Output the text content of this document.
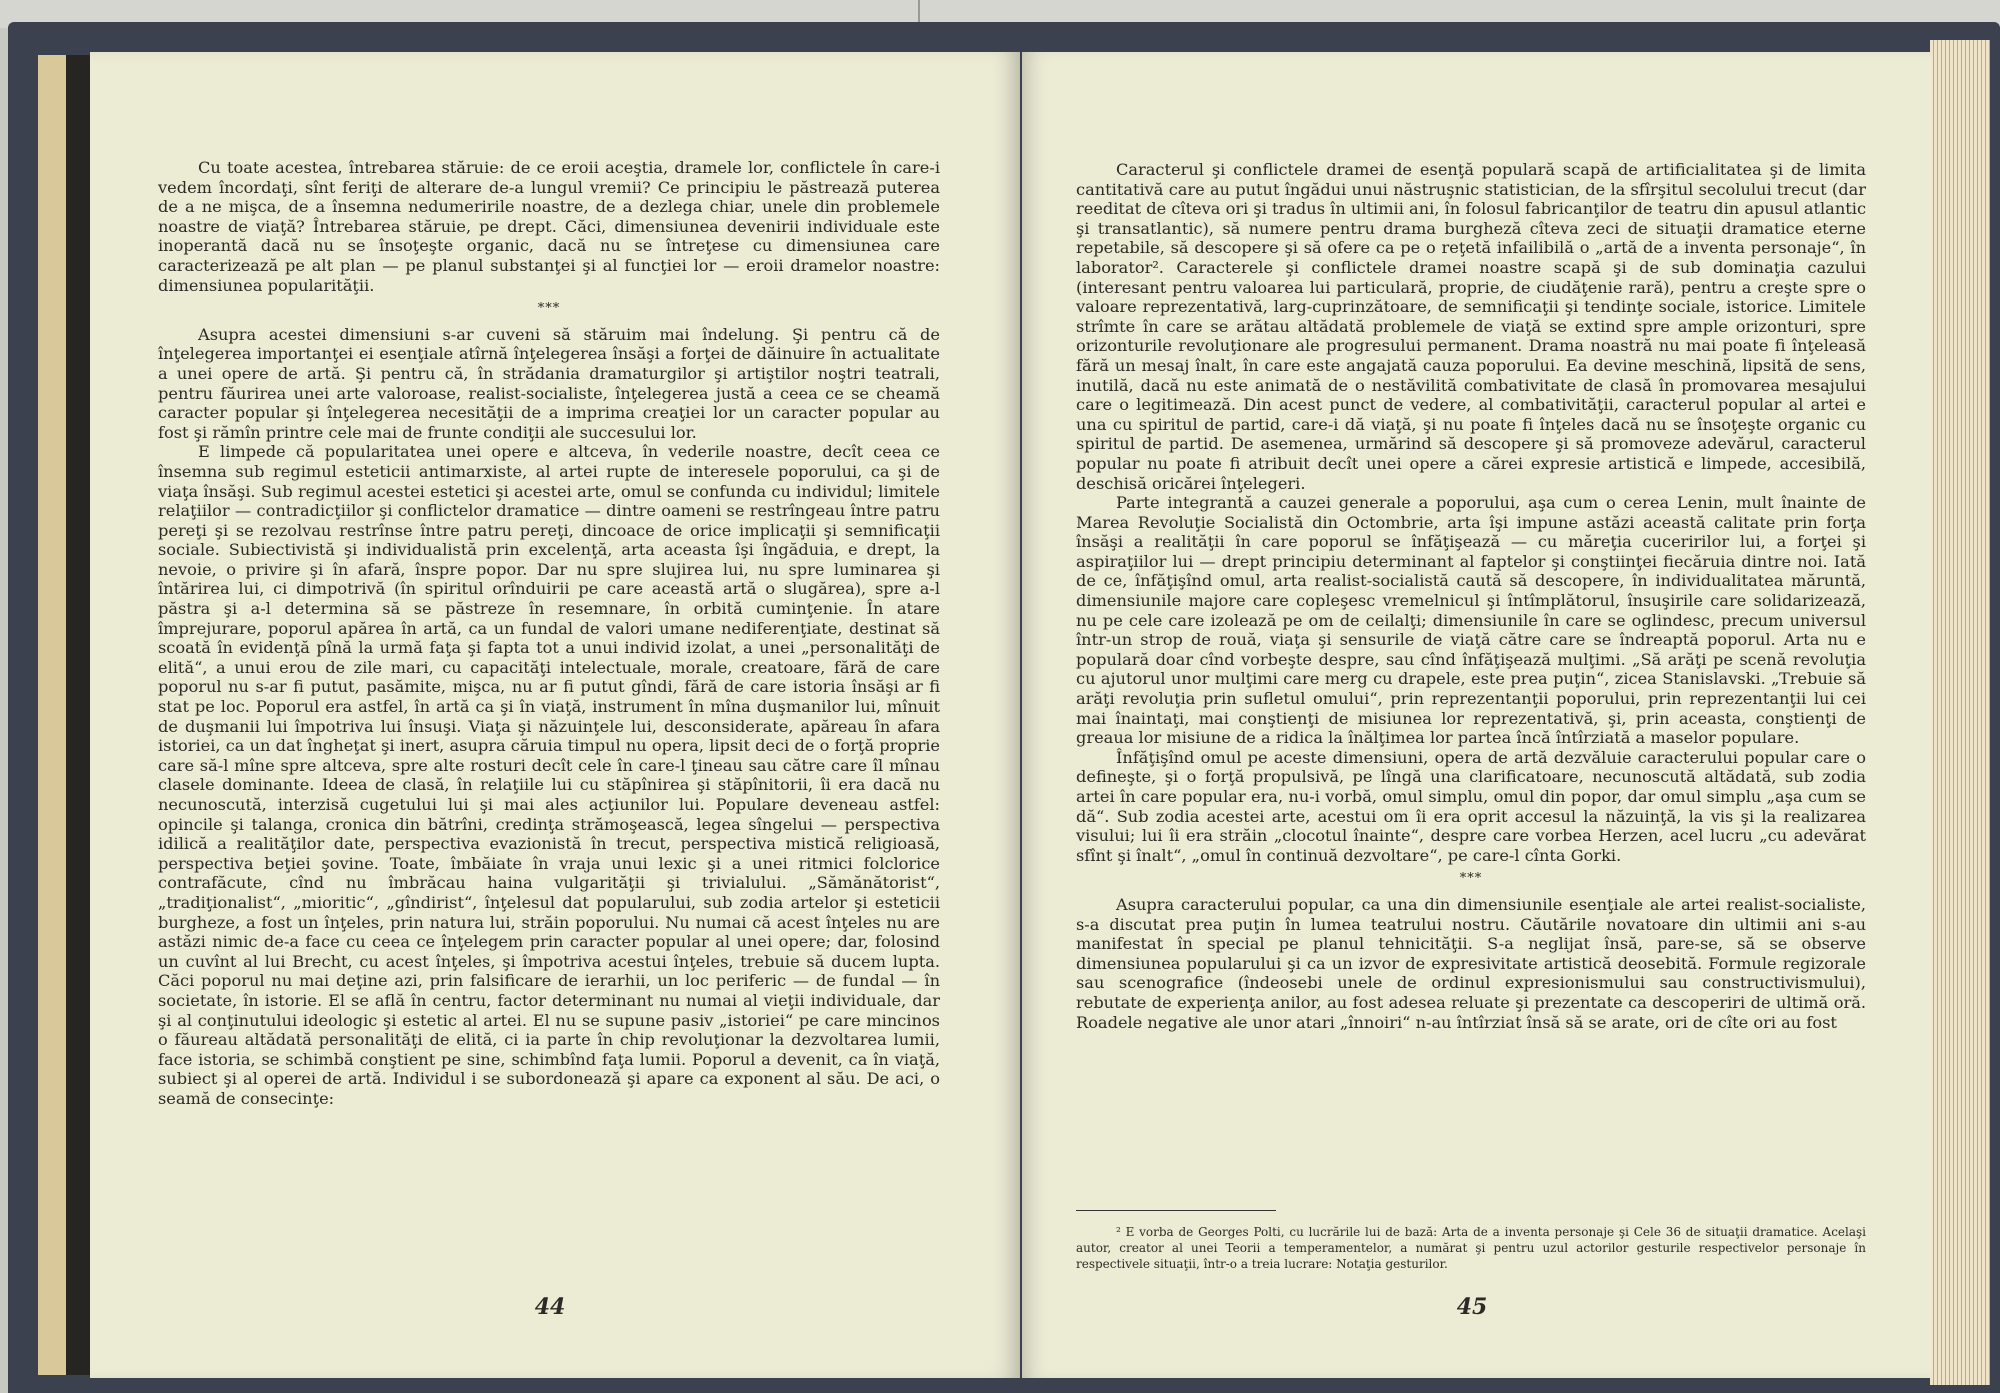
Cu toate acestea, întrebarea stăruie: de ce eroii aceştia, dramele lor, conflictele în care-i vedem încordaţi, sînt feriţi de alterare de-a lungul vremii? Ce principiu le păstrează puterea de a ne mişca, de a însemna nedumeririle noastre, de a dezlega chiar, unele din problemele noastre de viaţă? Întrebarea stăruie, pe drept. Căci, dimensiunea devenirii individuale este inoperantă dacă nu se însoţeşte organic, dacă nu se întreţese cu dimensiunea care caracterizează pe alt plan — pe planul substanţei şi al funcţiei lor — eroii dramelor noastre: dimensiunea popularităţii.

***

Asupra acestei dimensiuni s-ar cuveni să stăruim mai îndelung. Şi pentru că de înţelegerea importanţei ei esenţiale atîrnă înţelegerea însăşi a forţei de dăinuire în actualitate a unei opere de artă. Şi pentru că, în strădania dramaturgilor şi artiştilor noştri teatrali, pentru făurirea unei arte valoroase, realist-socialiste, înţelegerea justă a ceea ce se cheamă caracter popular şi înţelegerea necesităţii de a imprima creaţiei lor un caracter popular au fost şi rămîn printre cele mai de frunte condiţii ale succesului lor.

E limpede că popularitatea unei opere e altceva, în vederile noastre, decît ceea ce însemna sub regimul esteticii antimarxiste, al artei rupte de interesele poporului, ca şi de viaţa însăşi. Sub regimul acestei estetici şi acestei arte, omul se confunda cu individul; limitele relaţiilor — contradicţiilor şi conflictelor dramatice — dintre oameni se restrîngeau între patru pereţi şi se rezolvau restrînse între patru pereţi, dincoace de orice implicaţii şi semnificaţii sociale. Subiectivistă şi individualistă prin excelenţă, arta aceasta îşi îngăduia, e drept, la nevoie, o privire şi în afară, înspre popor. Dar nu spre slujirea lui, nu spre luminarea şi întărirea lui, ci dimpotrivă (în spiritul orînduirii pe care această artă o slugărea), spre a-l păstra şi a-l determina să se păstreze în resemnare, în orbită cuminţenie. În atare împrejurare, poporul apărea în artă, ca un fundal de valori umane nediferenţiate, destinat să scoată în evidenţă pînă la urmă faţa şi fapta tot a unui individ izolat, a unei „personalităţi de elită“, a unui erou de zile mari, cu capacităţi intelectuale, morale, creatoare, fără de care poporul nu s-ar fi putut, pasămite, mişca, nu ar fi putut gîndi, fără de care istoria însăşi ar fi stat pe loc. Poporul era astfel, în artă ca şi în viaţă, instrument în mîna duşmanilor lui, mînuit de duşmanii lui împotriva lui însuşi. Viaţa şi năzuinţele lui, desconsiderate, apăreau în afara istoriei, ca un dat îngheţat şi inert, asupra căruia timpul nu opera, lipsit deci de o forţă proprie care să-l mîne spre altceva, spre alte rosturi decît cele în care-l ţineau sau către care îl mînau clasele dominante. Ideea de clasă, în relaţiile lui cu stăpînirea şi stăpînitorii, îi era dacă nu necunoscută, interzisă cugetului lui şi mai ales acţiunilor lui. Populare deveneau astfel: opincile şi talanga, cronica din bătrîni, credinţa strămoşească, legea sîngelui — perspectiva idilică a realităţilor date, perspectiva evazionistă în trecut, perspectiva mistică religioasă, perspectiva beţiei şovine. Toate, îmbăiate în vraja unui lexic şi a unei ritmici folclorice contrafăcute, cînd nu îmbrăcau haina vulgarităţii şi trivialului. „Sămănătorist“, „tradiţionalist“, „mioritic“, „gîndirist“, înţelesul dat popularului, sub zodia artelor şi esteticii burgheze, a fost un înţeles, prin natura lui, străin poporului. Nu numai că acest înţeles nu are astăzi nimic de-a face cu ceea ce înţelegem prin caracter popular al unei opere; dar, folosind un cuvînt al lui Brecht, cu acest înţeles, şi împotriva acestui înţeles, trebuie să ducem lupta. Căci poporul nu mai deţine azi, prin falsificare de ierarhii, un loc periferic — de fundal — în societate, în istorie. El se află în centru, factor determinant nu numai al vieţii individuale, dar şi al conţinutului ideologic şi estetic al artei. El nu se supune pasiv „istoriei“ pe care mincinos o făureau altădată personalităţi de elită, ci ia parte în chip revoluţionar la dezvoltarea lumii, face istoria, se schimbă conştient pe sine, schimbînd faţa lumii. Poporul a devenit, ca în viaţă, subiect şi al operei de artă. Individul i se subordonează şi apare ca exponent al său. De aci, o seamă de consecinţe:

44

Caracterul şi conflictele dramei de esenţă populară scapă de artificialitatea şi de limita cantitativă care au putut îngădui unui năstruşnic statistician, de la sfîrşitul secolului trecut (dar reeditat de cîteva ori şi tradus în ultimii ani, în folosul fabricanţilor de teatru din apusul atlantic şi transatlantic), să numere pentru drama burgheză cîteva zeci de situaţii dramatice eterne repetabile, să descopere şi să ofere ca pe o reţetă infailibilă o „artă de a inventa personaje“, în laborator². Caracterele şi conflictele dramei noastre scapă şi de sub dominaţia cazului (interesant pentru valoarea lui particulară, proprie, de ciudăţenie rară), pentru a creşte spre o valoare reprezentativă, larg-cuprinzătoare, de semnificaţii şi tendinţe sociale, istorice. Limitele strîmte în care se arătau altădată problemele de viaţă se extind spre ample orizonturi, spre orizonturile revoluţionare ale progresului permanent. Drama noastră nu mai poate fi înţeleasă fără un mesaj înalt, în care este angajată cauza poporului. Ea devine meschină, lipsită de sens, inutilă, dacă nu este animată de o nestăvilită combativitate de clasă în promovarea mesajului care o legitimează. Din acest punct de vedere, al combativităţii, caracterul popular al artei e una cu spiritul de partid, care-i dă viaţă, şi nu poate fi înţeles dacă nu se însoţeşte organic cu spiritul de partid. De asemenea, urmărind să descopere şi să promoveze adevărul, caracterul popular nu poate fi atribuit decît unei opere a cărei expresie artistică e limpede, accesibilă, deschisă oricărei înţelegeri.

Parte integrantă a cauzei generale a poporului, aşa cum o cerea Lenin, mult înainte de Marea Revoluţie Socialistă din Octombrie, arta îşi impune astăzi această calitate prin forţa însăşi a realităţii în care poporul se înfăţişează — cu măreţia cuceririlor lui, a forţei şi aspiraţiilor lui — drept principiu determinant al faptelor şi conştiinţei fiecăruia dintre noi. Iată de ce, înfăţişînd omul, arta realist-socialistă caută să descopere, în individualitatea măruntă, dimensiunile majore care copleşesc vremelnicul şi întîmplătorul, însuşirile care solidarizează, nu pe cele care izolează pe om de ceilalţi; dimensiunile în care se oglindesc, precum universul într-un strop de rouă, viaţa şi sensurile de viaţă către care se îndreaptă poporul. Arta nu e populară doar cînd vorbeşte despre, sau cînd înfăţişează mulţimi. „Să arăţi pe scenă revoluţia cu ajutorul unor mulţimi care merg cu drapele, este prea puţin“, zicea Stanislavski. „Trebuie să arăţi revoluţia prin sufletul omului“, prin reprezentanţii poporului, prin reprezentanţii lui cei mai înaintaţi, mai conştienţi de misiunea lor reprezentativă, şi, prin aceasta, conştienţi de greaua lor misiune de a ridica la înălţimea lor partea încă întîrziată a maselor populare.

Înfăţişînd omul pe aceste dimensiuni, opera de artă dezvăluie caracterului popular care o defineşte, şi o forţă propulsivă, pe lîngă una clarificatoare, necunoscută altădată, sub zodia artei în care popular era, nu-i vorbă, omul simplu, omul din popor, dar omul simplu „aşa cum se dă“. Sub zodia acestei arte, acestui om îi era oprit accesul la năzuinţă, la vis şi la realizarea visului; lui îi era străin „clocotul înainte“, despre care vorbea Herzen, acel lucru „cu adevărat sfînt şi înalt“, „omul în continuă dezvoltare“, pe care-l cînta Gorki.

***

Asupra caracterului popular, ca una din dimensiunile esenţiale ale artei realist-socialiste, s-a discutat prea puţin în lumea teatrului nostru. Căutările novatoare din ultimii ani s-au manifestat în special pe planul tehnicităţii. S-a neglijat însă, pare-se, să se observe dimensiunea popularului şi ca un izvor de expresivitate artistică deosebită. Formule regizorale sau scenografice (îndeosebi unele de ordinul expresionismului sau constructivismului), rebutate de experienţa anilor, au fost adesea reluate şi prezentate ca descoperiri de ultimă oră. Roadele negative ale unor atari „înnoiri“ n-au întîrziat însă să se arate, ori de cîte ori au fost

² E vorba de Georges Polti, cu lucrările lui de bază: Arta de a inventa personaje şi Cele 36 de situaţii dramatice. Acelaşi autor, creator al unei Teorii a temperamentelor, a numărat şi pentru uzul actorilor gesturile respectivelor personaje în respectivele situaţii, într-o a treia lucrare: Notaţia gesturilor.

45
